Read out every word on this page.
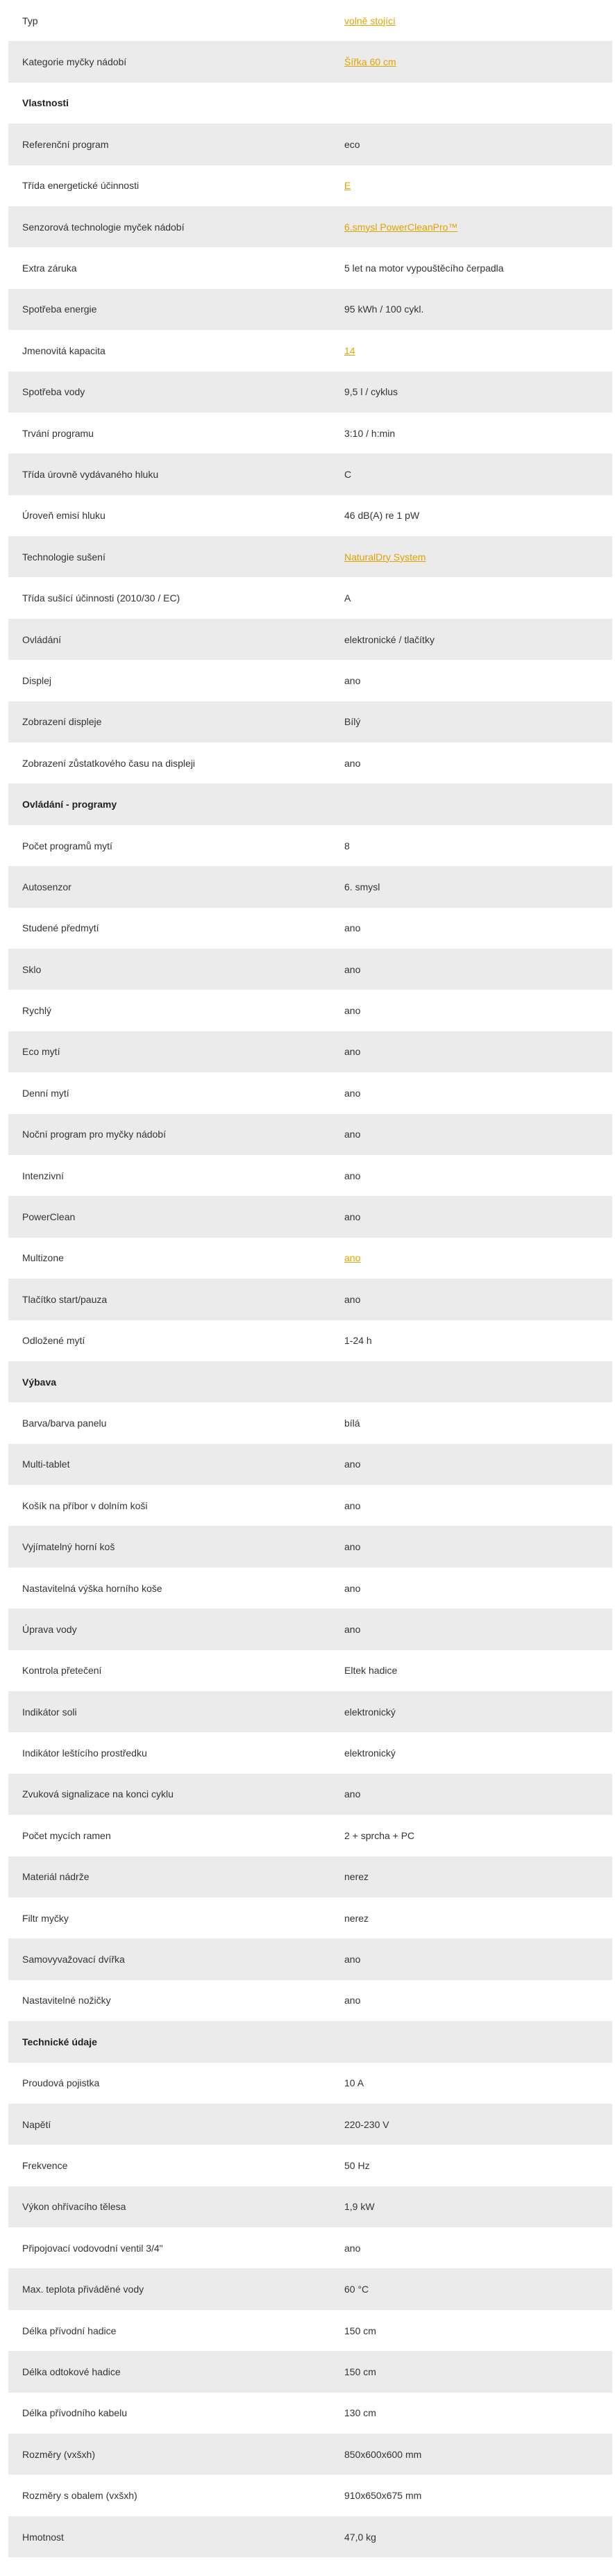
Typ	volně stojící
Kategorie myčky nádobí	Šířka 60 cm
Vlastnosti	
Referenční program	eco
Třída energetické účinnosti	E
Senzorová technologie myček nádobí	6.smysl PowerCleanPro™
Extra záruka	5 let na motor vypouštěcího čerpadla
Spotřeba energie	95 kWh / 100 cykl.
Jmenovitá kapacita	14
Spotřeba vody	9,5 l / cyklus
Trvání programu	3:10 / h:min
Třída úrovně vydávaného hluku	C
Úroveň emisí hluku	46 dB(A) re 1 pW
Technologie sušení	NaturalDry System
Třída sušící účinnosti (2010/30 / EC)	A
Ovládání	elektronické / tlačítky
Displej	ano
Zobrazení displeje	Bílý
Zobrazení zůstatkového času na displeji	ano
Ovládání - programy	
Počet programů mytí	8
Autosenzor	6. smysl
Studené předmytí	ano
Sklo	ano
Rychlý	ano
Eco mytí	ano
Denní mytí	ano
Noční program pro myčky nádobí	ano
Intenzivní	ano
PowerClean	ano
Multizone	ano
Tlačítko start/pauza	ano
Odložené mytí	1-24 h
Výbava	
Barva/barva panelu	bílá
Multi-tablet	ano
Košík na příbor v dolním koši	ano
Vyjímatelný horní koš	ano
Nastavitelná výška horního koše	ano
Úprava vody	ano
Kontrola přetečení	Eltek hadice
Indikátor soli	elektronický
Indikátor leštícího prostředku	elektronický
Zvuková signalizace na konci cyklu	ano
Počet mycích ramen	2 + sprcha + PC
Materiál nádrže	nerez
Filtr myčky	nerez
Samovyvažovací dvířka	ano
Nastavitelné nožičky	ano
Technické údaje	
Proudová pojistka	10 A
Napětí	220-230 V
Frekvence	50 Hz
Výkon ohřívacího tělesa	1,9 kW
Připojovací vodovodní ventil 3/4"	ano
Max. teplota přiváděné vody	60 °C
Délka přívodní hadice	150 cm
Délka odtokové hadice	150 cm
Délka přívodního kabelu	130 cm
Rozměry (vxšxh)	850x600x600 mm
Rozměry s obalem (vxšxh)	910x650x675 mm
Hmotnost	47,0 kg
